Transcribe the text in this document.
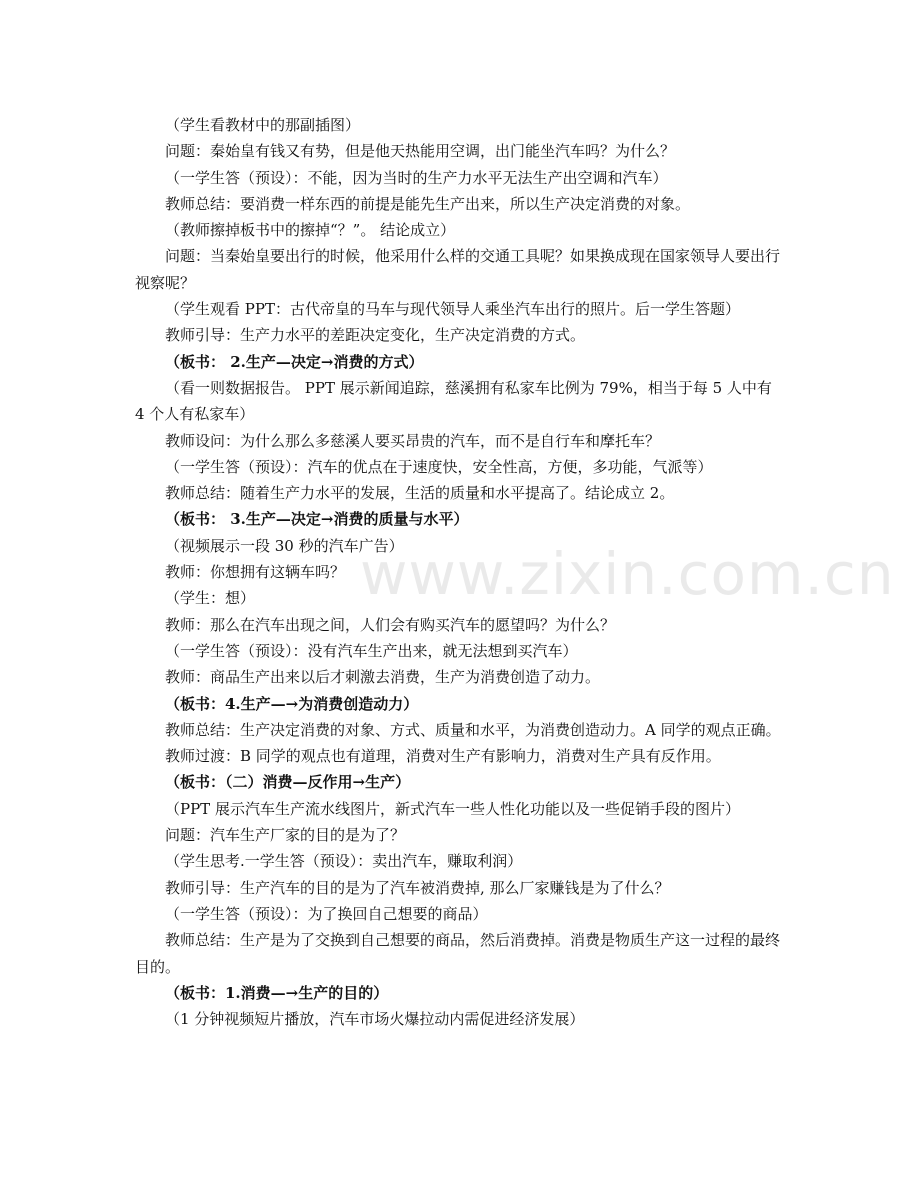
（学生看教材中的那副插图）

问题：秦始皇有钱又有势，但是他天热能用空调，出门能坐汽车吗？为什么？

（一学生答（预设）：不能，因为当时的生产力水平无法生产出空调和汽车）

教师总结：要消费一样东西的前提是能先生产出来，所以生产决定消费的对象。

（教师擦掉板书中的擦掉“？”。 结论成立）

问题：当秦始皇要出行的时候，他采用什么样的交通工具呢？如果换成现在国家领导人要出行视察呢？

（学生观看 PPT：古代帝皇的马车与现代领导人乘坐汽车出行的照片。后一学生答题）

教师引导：生产力水平的差距决定变化，生产决定消费的方式。

（板书： 2.生产—决定→消费的方式）

（看一则数据报告。 PPT 展示新闻追踪，慈溪拥有私家车比例为 79%，相当于每 5 人中有 4 个人有私家车）

教师设问：为什么那么多慈溪人要买昂贵的汽车，而不是自行车和摩托车？

（一学生答（预设）：汽车的优点在于速度快，安全性高，方便，多功能，气派等）

教师总结：随着生产力水平的发展，生活的质量和水平提高了。结论成立 2。

（板书： 3.生产—决定→消费的质量与水平）

（视频展示一段 30 秒的汽车广告）

教师：你想拥有这辆车吗？

（学生：想）

教师：那么在汽车出现之间，人们会有购买汽车的愿望吗？为什么？

（一学生答（预设）：没有汽车生产出来，就无法想到买汽车）

教师：商品生产出来以后才刺激去消费，生产为消费创造了动力。

（板书：4.生产—→为消费创造动力）

教师总结：生产决定消费的对象、方式、质量和水平，为消费创造动力。A 同学的观点正确。

教师过渡：B 同学的观点也有道理，消费对生产有影响力，消费对生产具有反作用。

（板书：（二）消费—反作用→生产）

（PPT 展示汽车生产流水线图片，新式汽车一些人性化功能以及一些促销手段的图片）

问题：汽车生产厂家的目的是为了？

（学生思考.一学生答（预设）：卖出汽车，赚取利润）

教师引导：生产汽车的目的是为了汽车被消费掉, 那么厂家赚钱是为了什么？

（一学生答（预设）：为了换回自己想要的商品）

教师总结：生产是为了交换到自己想要的商品，然后消费掉。消费是物质生产这一过程的最终目的。

（板书：1.消费—→生产的目的）

（1 分钟视频短片播放，汽车市场火爆拉动内需促进经济发展）

www.zixin.com.cn
